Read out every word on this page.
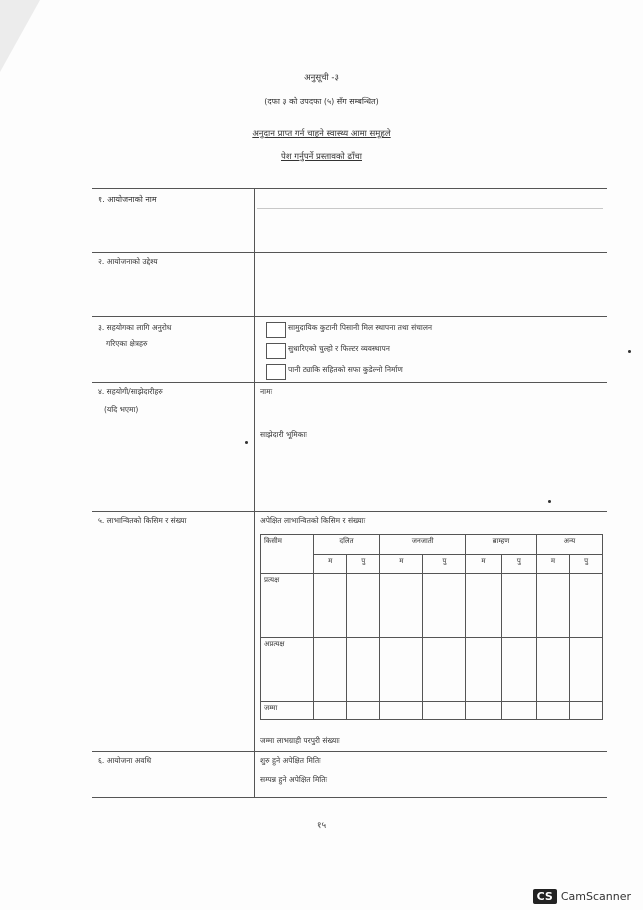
अनुसूची -३
(दफा ३ को उपदफा (५) सँग सम्बन्धित)
अनुदान प्राप्त गर्न चाहने स्वास्थ्य आमा समूहले
पेश गर्नुपर्ने प्रस्तावको ढाँचा
१. आयोजनाको नाम

२. आयोजनाको उद्देश्य
३. सहयोगका लागि अनुरोध
गरिएका क्षेत्रहरु
सामुदायिक कुटानी पिसानी मिल स्थापना तथा संचालन
सुधारिएको चुल्हो र फिल्टर व्यवस्थापन
पानी ट्याकि सहितको सफा कुडेल्नो निर्माण
४. सहयोगी/साझेदारीहरु
(यदि भएमा)
नामः
साझेदारी भूमिकाः
५. लाभान्वितको किसिम र संख्या	अपेक्षित लाभान्वितको किसिम र संख्याः
किसीम	दलित		जनजाती		ब्राम्हण		अन्य	
	म	पु	म	पु	म	पु	म	पु
प्रत्यक्ष								
अप्रत्यक्ष								
जम्मा								
जम्मा लाभग्राही परपुरी संख्याः
६. आयोजना अवधि	शुरु हुने अपेक्षित मितिः
सम्पन्न हुने अपेक्षित मितिः
१५
CS CamScanner
